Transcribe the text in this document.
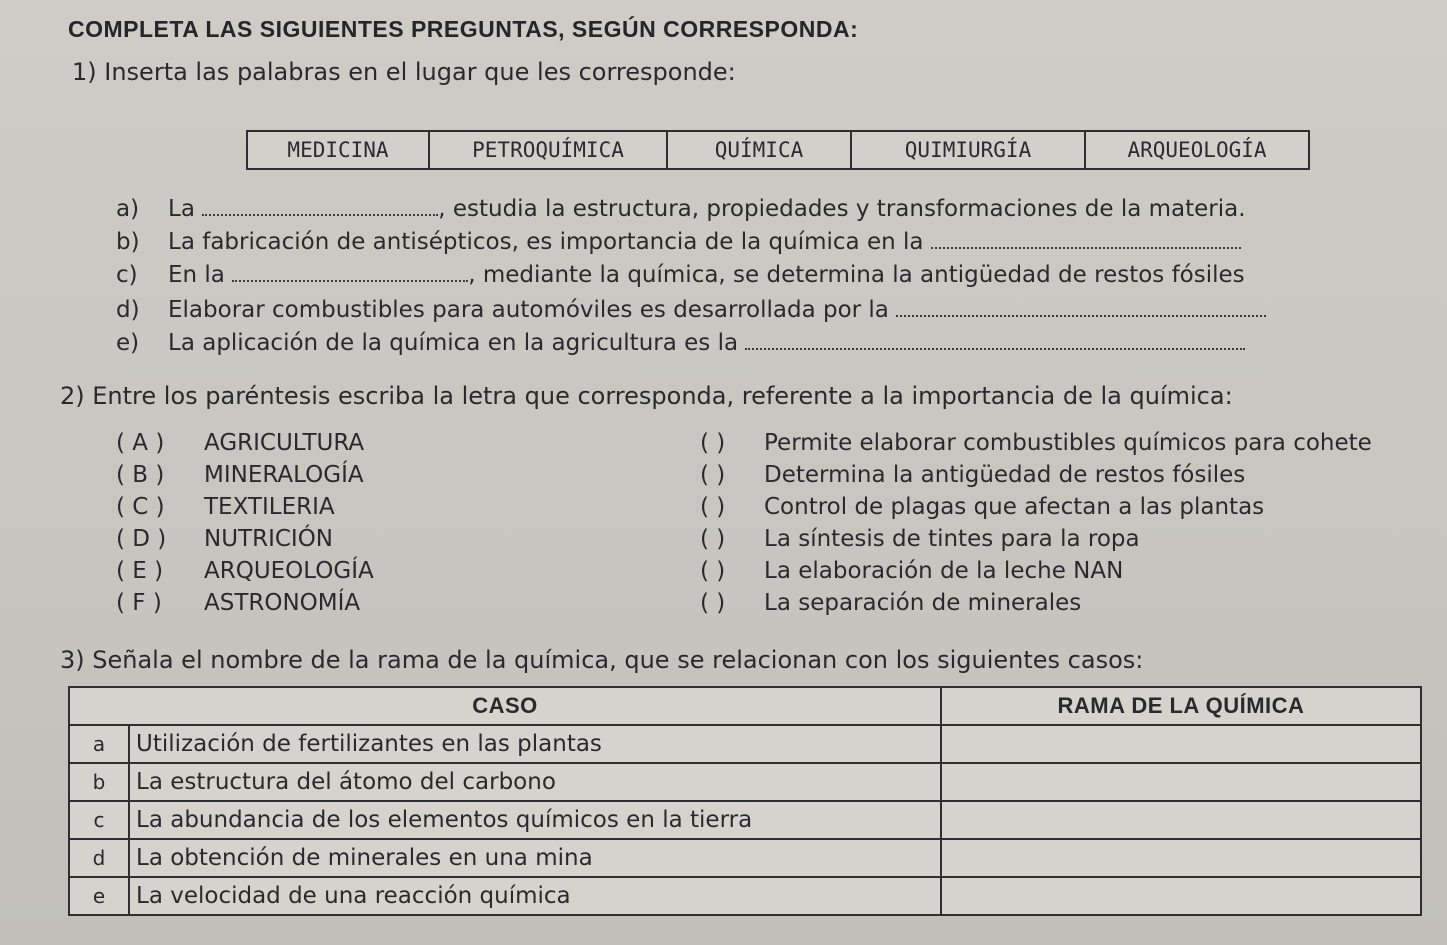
COMPLETA LAS SIGUIENTES PREGUNTAS, SEGÚN CORRESPONDA:
1) Inserta las palabras en el lugar que les corresponde:
MEDICINA	PETROQUÍMICA	QUÍMICA	QUIMIURGÍA	ARQUEOLOGÍA
a) La	, estudia la estructura, propiedades y transformaciones de la materia.
b) La fabricación de antisépticos, es importancia de la química en la
c) En la	, mediante la química, se determina la antigüedad de restos fósiles
d) Elaborar combustibles para automóviles es desarrollada por la
e) La aplicación de la química en la agricultura es la
2) Entre los paréntesis escriba la letra que corresponda, referente a la importancia de la química:
( A ) AGRICULTURA
( B ) MINERALOGÍA
( C ) TEXTILERIA
( D ) NUTRICIÓN
( E ) ARQUEOLOGÍA
( F ) ASTRONOMÍA
( ) Permite elaborar combustibles químicos para cohete
( ) Determina la antigüedad de restos fósiles
( ) Control de plagas que afectan a las plantas
( ) La síntesis de tintes para la ropa
( ) La elaboración de la leche NAN
( ) La separación de minerales
3) Señala el nombre de la rama de la química, que se relacionan con los siguientes casos:
CASO		RAMA DE LA QUÍMICA
a	Utilización de fertilizantes en las plantas	
b	La estructura del átomo del carbono	
c	La abundancia de los elementos químicos en la tierra	
d	La obtención de minerales en una mina	
e	La velocidad de una reacción química	
